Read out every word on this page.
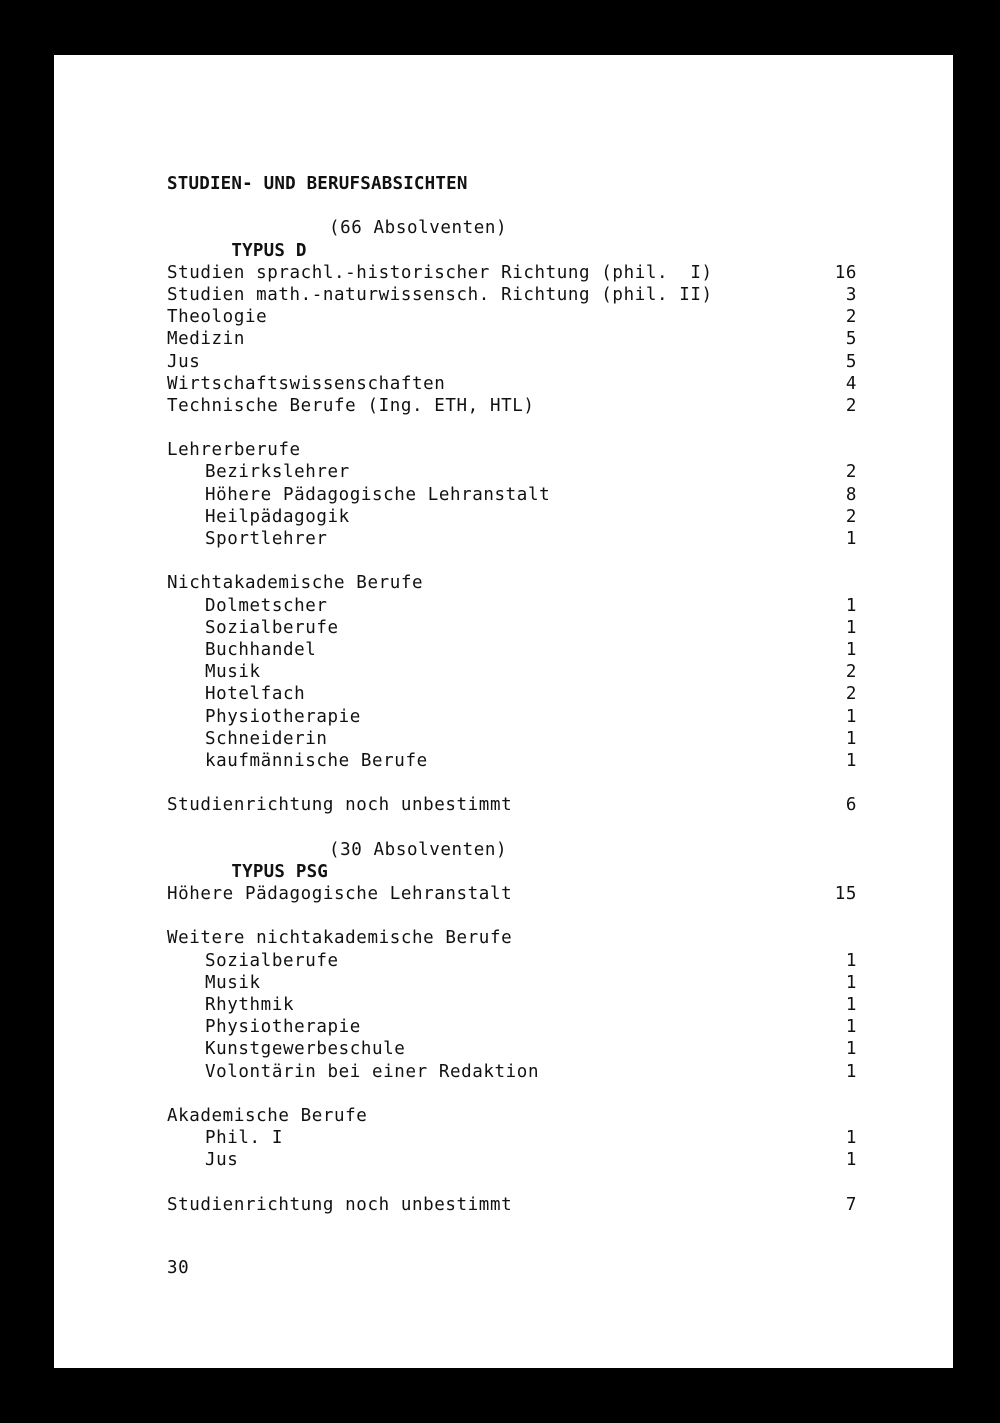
STUDIEN- UND BERUFSABSICHTEN

TYPUS D

(66 Absolventen)

Studien sprachl.-historischer Richtung (phil.  I)	16
Studien math.-naturwissensch. Richtung (phil. II)	3
Theologie	2
Medizin	5
Jus	5
Wirtschaftswissenschaften	4
Technische Berufe (Ing. ETH, HTL)	2
Lehrerberufe
Bezirkslehrer	2
Höhere Pädagogische Lehranstalt	8
Heilpädagogik	2
Sportlehrer	1
Nichtakademische Berufe
Dolmetscher	1
Sozialberufe	1
Buchhandel	1
Musik	2
Hotelfach	2
Physiotherapie	1
Schneiderin	1
kaufmännische Berufe	1
Studienrichtung noch unbestimmt	6

TYPUS PSG

(30 Absolventen)

Höhere Pädagogische Lehranstalt	15
Weitere nichtakademische Berufe
Sozialberufe	1
Musik	1
Rhythmik	1
Physiotherapie	1
Kunstgewerbeschule	1
Volontärin bei einer Redaktion	1
Akademische Berufe
Phil. I	1
Jus	1
Studienrichtung noch unbestimmt	7
30
